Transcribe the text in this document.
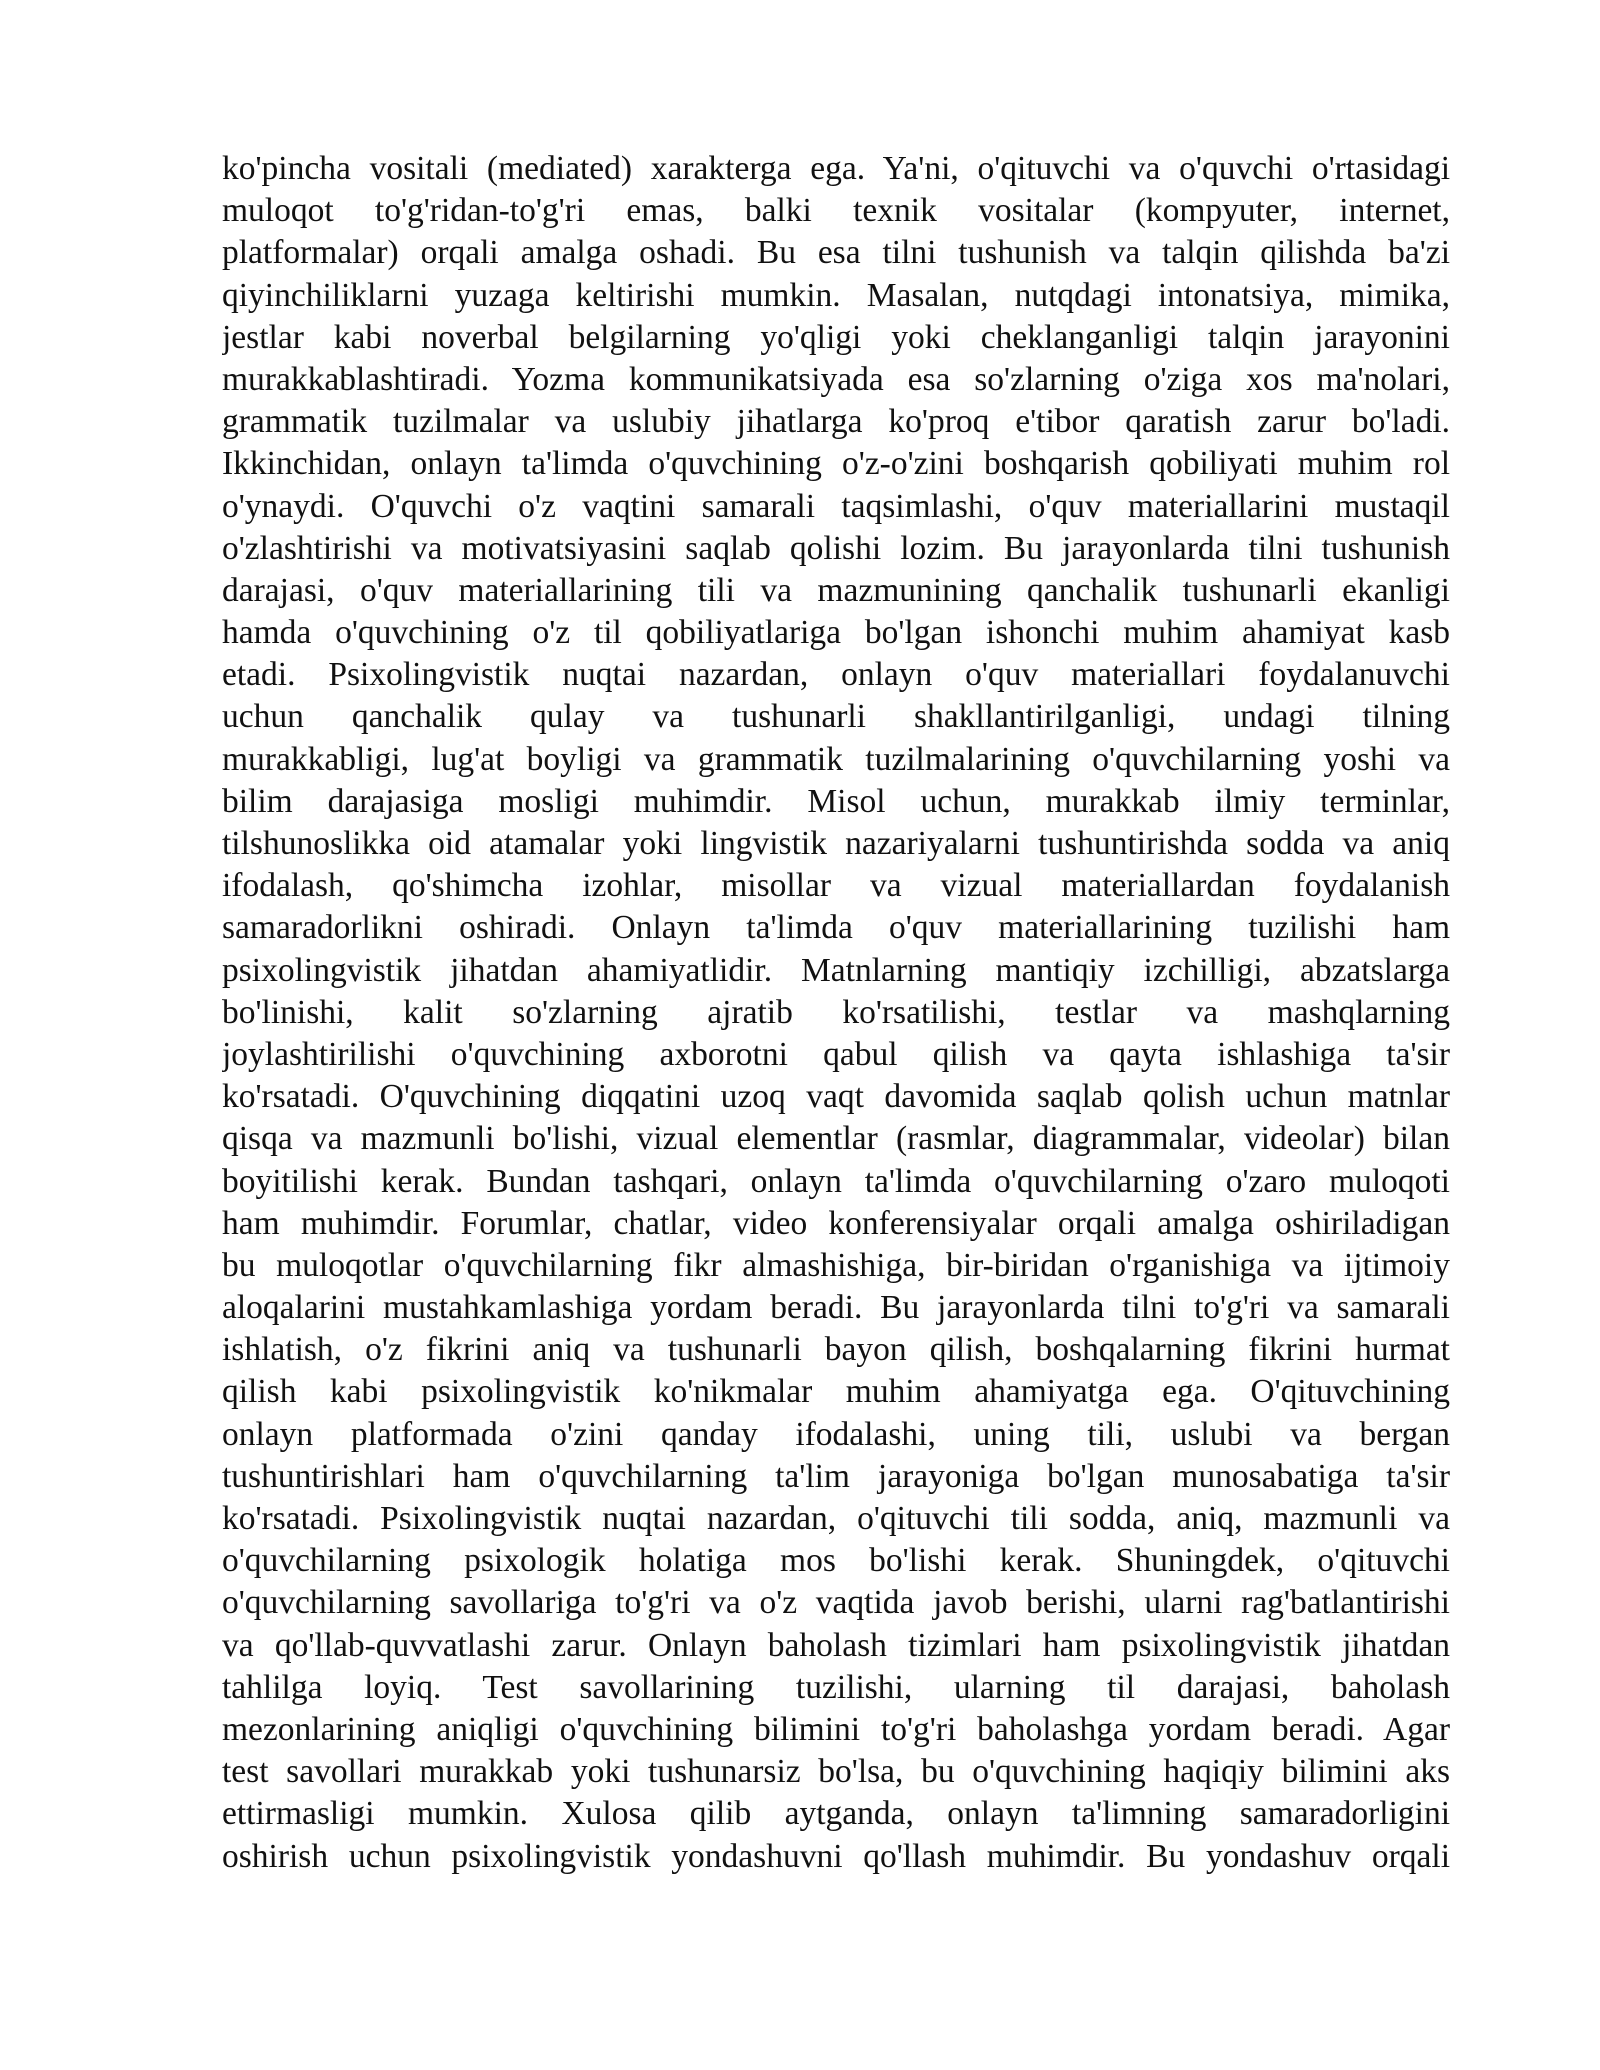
ko'pincha vositali (mediated) xarakterga ega. Ya'ni, o'qituvchi va o'quvchi o'rtasidagi
muloqot to'g'ridan-to'g'ri emas, balki texnik vositalar (kompyuter, internet,
platformalar) orqali amalga oshadi. Bu esa tilni tushunish va talqin qilishda ba'zi
qiyinchiliklarni yuzaga keltirishi mumkin. Masalan, nutqdagi intonatsiya, mimika,
jestlar kabi noverbal belgilarning yo'qligi yoki cheklanganligi talqin jarayonini
murakkablashtiradi. Yozma kommunikatsiyada esa so'zlarning o'ziga xos ma'nolari,
grammatik tuzilmalar va uslubiy jihatlarga ko'proq e'tibor qaratish zarur bo'ladi.
Ikkinchidan, onlayn ta'limda o'quvchining o'z-o'zini boshqarish qobiliyati muhim rol
o'ynaydi. O'quvchi o'z vaqtini samarali taqsimlashi, o'quv materiallarini mustaqil
o'zlashtirishi va motivatsiyasini saqlab qolishi lozim. Bu jarayonlarda tilni tushunish
darajasi, o'quv materiallarining tili va mazmunining qanchalik tushunarli ekanligi
hamda o'quvchining o'z til qobiliyatlariga bo'lgan ishonchi muhim ahamiyat kasb
etadi. Psixolingvistik nuqtai nazardan, onlayn o'quv materiallari foydalanuvchi
uchun qanchalik qulay va tushunarli shakllantirilganligi, undagi tilning
murakkabligi, lug'at boyligi va grammatik tuzilmalarining o'quvchilarning yoshi va
bilim darajasiga mosligi muhimdir. Misol uchun, murakkab ilmiy terminlar,
tilshunoslikka oid atamalar yoki lingvistik nazariyalarni tushuntirishda sodda va aniq
ifodalash, qo'shimcha izohlar, misollar va vizual materiallardan foydalanish
samaradorlikni oshiradi. Onlayn ta'limda o'quv materiallarining tuzilishi ham
psixolingvistik jihatdan ahamiyatlidir. Matnlarning mantiqiy izchilligi, abzatslarga
bo'linishi, kalit so'zlarning ajratib ko'rsatilishi, testlar va mashqlarning
joylashtirilishi o'quvchining axborotni qabul qilish va qayta ishlashiga ta'sir
ko'rsatadi. O'quvchining diqqatini uzoq vaqt davomida saqlab qolish uchun matnlar
qisqa va mazmunli bo'lishi, vizual elementlar (rasmlar, diagrammalar, videolar) bilan
boyitilishi kerak. Bundan tashqari, onlayn ta'limda o'quvchilarning o'zaro muloqoti
ham muhimdir. Forumlar, chatlar, video konferensiyalar orqali amalga oshiriladigan
bu muloqotlar o'quvchilarning fikr almashishiga, bir-biridan o'rganishiga va ijtimoiy
aloqalarini mustahkamlashiga yordam beradi. Bu jarayonlarda tilni to'g'ri va samarali
ishlatish, o'z fikrini aniq va tushunarli bayon qilish, boshqalarning fikrini hurmat
qilish kabi psixolingvistik ko'nikmalar muhim ahamiyatga ega. O'qituvchining
onlayn platformada o'zini qanday ifodalashi, uning tili, uslubi va bergan
tushuntirishlari ham o'quvchilarning ta'lim jarayoniga bo'lgan munosabatiga ta'sir
ko'rsatadi. Psixolingvistik nuqtai nazardan, o'qituvchi tili sodda, aniq, mazmunli va
o'quvchilarning psixologik holatiga mos bo'lishi kerak. Shuningdek, o'qituvchi
o'quvchilarning savollariga to'g'ri va o'z vaqtida javob berishi, ularni rag'batlantirishi
va qo'llab-quvvatlashi zarur. Onlayn baholash tizimlari ham psixolingvistik jihatdan
tahlilga loyiq. Test savollarining tuzilishi, ularning til darajasi, baholash
mezonlarining aniqligi o'quvchining bilimini to'g'ri baholashga yordam beradi. Agar
test savollari murakkab yoki tushunarsiz bo'lsa, bu o'quvchining haqiqiy bilimini aks
ettirmasligi mumkin. Xulosa qilib aytganda, onlayn ta'limning samaradorligini
oshirish uchun psixolingvistik yondashuvni qo'llash muhimdir. Bu yondashuv orqali
